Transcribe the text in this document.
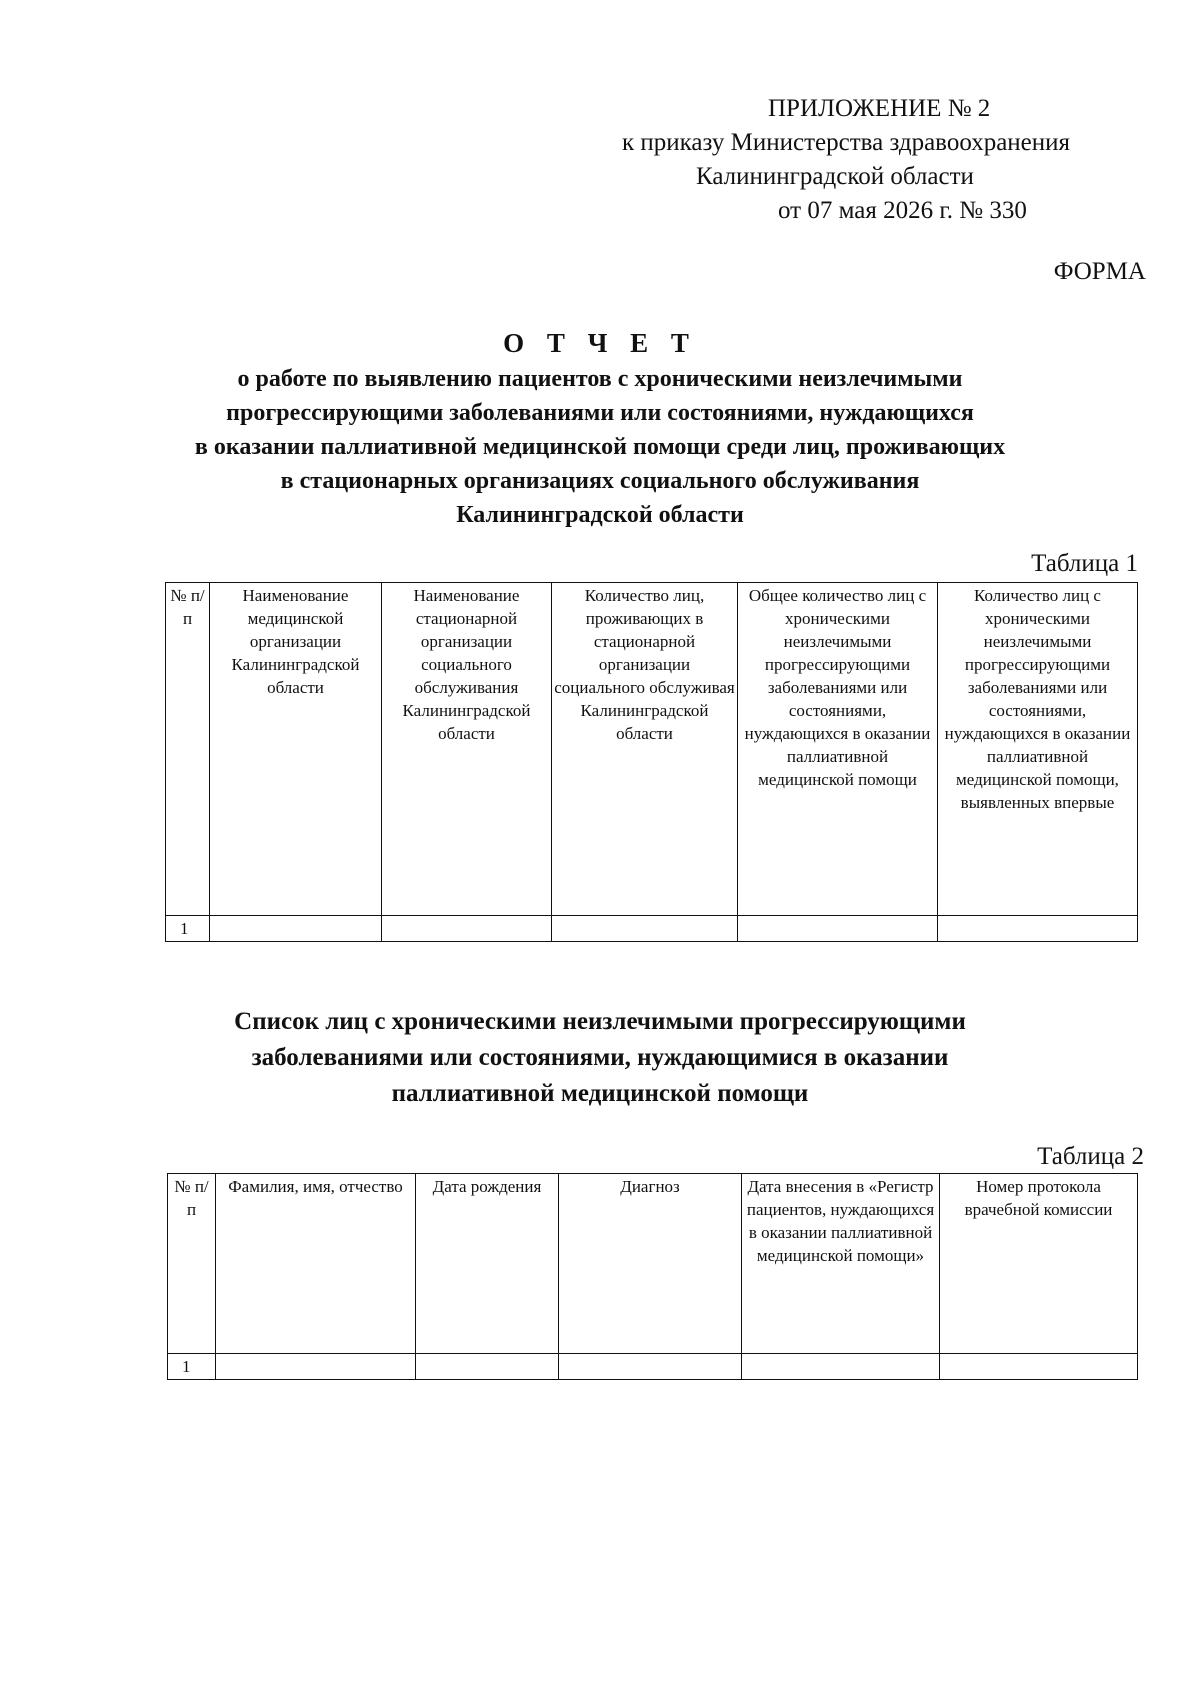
ПРИЛОЖЕНИЕ № 2
к приказу Министерства здравоохранения
Калининградской области
от 07 мая 2026 г. № 330
ФОРМА
О Т Ч Е Т
о работе по выявлению пациентов с хроническими неизлечимыми
прогрессирующими заболеваниями или состояниями, нуждающихся
в оказании паллиативной медицинской помощи среди лиц, проживающих
в стационарных организациях социального обслуживания
Калининградской области
Таблица 1
№ п/п	Наименование медицинской организации Калининградской области	Наименование стационарной организации социального обслуживания Калининградской области	Количество лиц, проживающих в стационарной организации социального обслуживая Калининградской области	Общее количество лиц с хроническими неизлечимыми прогрессирующими заболеваниями или состояниями, нуждающихся в оказании паллиативной медицинской помощи	Количество лиц с хроническими неизлечимыми прогрессирующими заболеваниями или состояниями, нуждающихся в оказании паллиативной медицинской помощи, выявленных впервые
1					
Список лиц с хроническими неизлечимыми прогрессирующими
заболеваниями или состояниями, нуждающимися в оказании
паллиативной медицинской помощи
Таблица 2
№ п/п	Фамилия, имя, отчество	Дата рождения	Диагноз	Дата внесения в «Регистр пациентов, нуждающихся в оказании паллиативной медицинской помощи»	Номер протокола врачебной комиссии
1					
